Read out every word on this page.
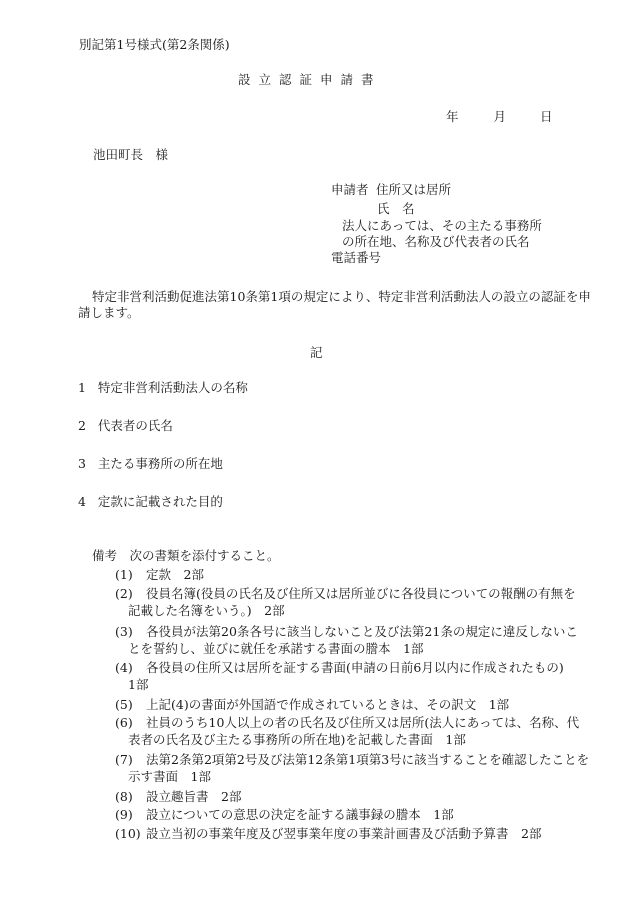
別記第1号様式(第2条関係)
設立認証申請書
年	月	日
池田町長　様
申請者 住所又は居所
氏　名
法人にあっては、その主たる事務所
の所在地、名称及び代表者の氏名
電話番号
特定非営利活動促進法第10条第1項の規定により、特定非営利活動法人の設立の認証を申
請します。
記
1 特定非営利活動法人の名称
2 代表者の氏名
3 主たる事務所の所在地
4 定款に記載された目的
備考　次の書類を添付すること。
(1) 定款　2部
(2) 役員名簿(役員の氏名及び住所又は居所並びに各役員についての報酬の有無を
記載した名簿をいう。)　2部
(3) 各役員が法第20条各号に該当しないこと及び法第21条の規定に違反しないこ
とを誓約し、並びに就任を承諾する書面の謄本　1部
(4) 各役員の住所又は居所を証する書面(申請の日前6月以内に作成されたもの)
1部
(5) 上記(4)の書面が外国語で作成されているときは、その訳文　1部
(6) 社員のうち10人以上の者の氏名及び住所又は居所(法人にあっては、名称、代
表者の氏名及び主たる事務所の所在地)を記載した書面　1部
(7) 法第2条第2項第2号及び法第12条第1項第3号に該当することを確認したことを
示す書面　1部
(8) 設立趣旨書　2部
(9) 設立についての意思の決定を証する議事録の謄本　1部
(10) 設立当初の事業年度及び翌事業年度の事業計画書及び活動予算書　2部
